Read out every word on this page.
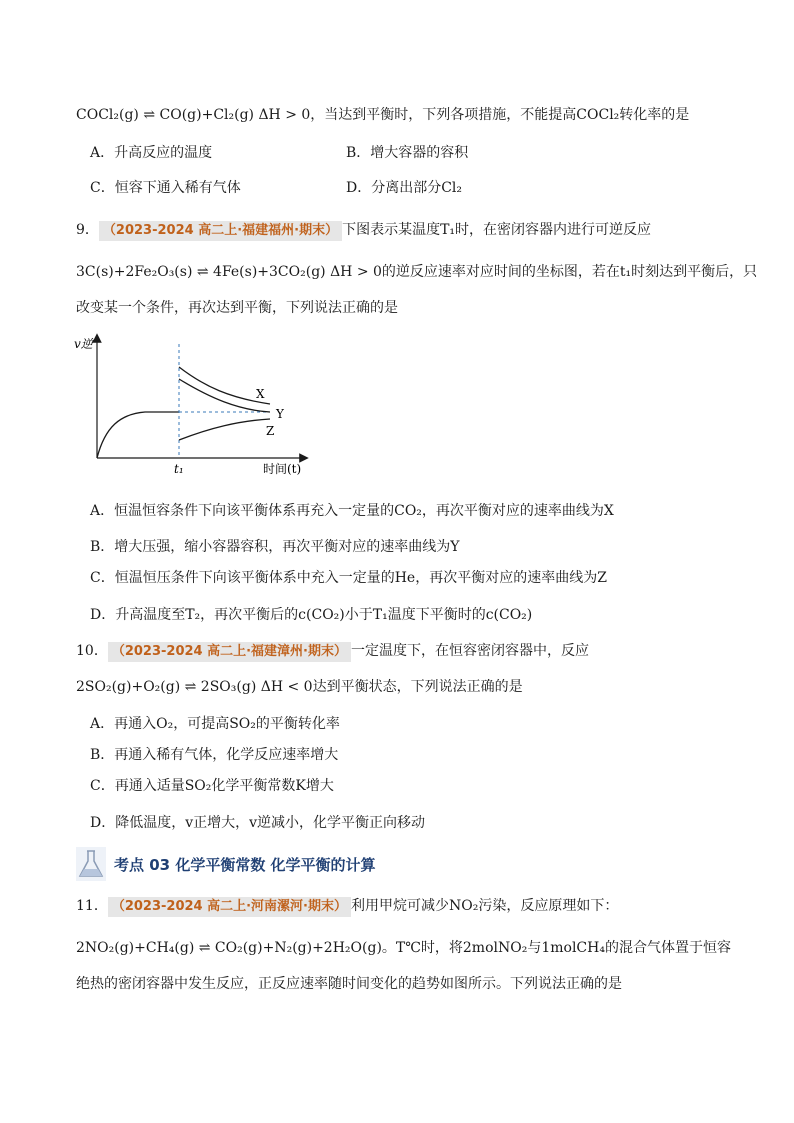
COCl₂(g) ⇌ CO(g)+Cl₂(g) ΔH > 0，当达到平衡时，下列各项措施，不能提高COCl₂转化率的是
A．升高反应的温度	B．增大容器的容积
C．恒容下通入稀有气体	D．分离出部分Cl₂
9． （2023-2024 高二上·福建福州·期末） 下图表示某温度T₁时，在密闭容器内进行可逆反应
3C(s)+2Fe₂O₃(s) ⇌ 4Fe(s)+3CO₂(g) ΔH > 0的逆反应速率对应时间的坐标图，若在t₁时刻达到平衡后，只
改变某一个条件，再次达到平衡，下列说法正确的是
v逆
X
Y
Z
t₁	时间(t)
A．恒温恒容条件下向该平衡体系再充入一定量的CO₂，再次平衡对应的速率曲线为X
B．增大压强，缩小容器容积，再次平衡对应的速率曲线为Y
C．恒温恒压条件下向该平衡体系中充入一定量的He，再次平衡对应的速率曲线为Z
D．升高温度至T₂，再次平衡后的c(CO₂)小于T₁温度下平衡时的c(CO₂)
10． （2023-2024 高二上·福建漳州·期末） 一定温度下，在恒容密闭容器中，反应
2SO₂(g)+O₂(g) ⇌ 2SO₃(g) ΔH < 0达到平衡状态，下列说法正确的是
A．再通入O₂，可提高SO₂的平衡转化率
B．再通入稀有气体，化学反应速率增大
C．再通入适量SO₂化学平衡常数K增大
D．降低温度，v正增大，v逆减小，化学平衡正向移动
考点 03 化学平衡常数 化学平衡的计算
11． （2023-2024 高二上·河南漯河·期末） 利用甲烷可减少NO₂污染，反应原理如下：
2NO₂(g)+CH₄(g) ⇌ CO₂(g)+N₂(g)+2H₂O(g)。T℃时，将2molNO₂与1molCH₄的混合气体置于恒容
绝热的密闭容器中发生反应，正反应速率随时间变化的趋势如图所示。下列说法正确的是
